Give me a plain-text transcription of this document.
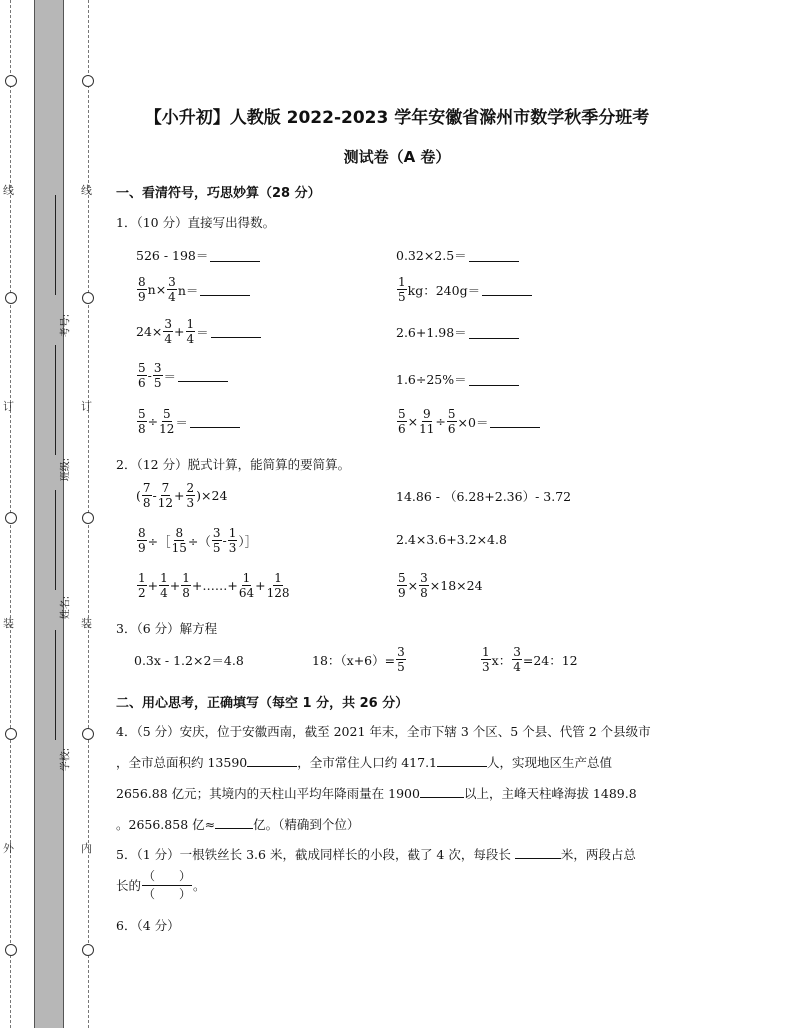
线
订
装
外
考号:
班级:
姓名:
学校:
线
订
装
内
【小升初】人教版 2022-2023 学年安徽省滁州市数学秋季分班考
测试卷（A 卷）
一、看清符号，巧思妙算（28 分）
1．（10 分）直接写出得数。
526 - 198＝	0.32×2.5＝
$\frac{8}{9} n\times \frac{3}{4} n=$	$\frac{1}{5}$ kg：240g＝
$24\times \frac{3}{4} + \frac{1}{4}$ ＝	2.6+1.98＝
$\frac{5}{6} - \frac{3}{5}$ ＝	1.6÷25%＝
$\frac{5}{8} \div \frac{5}{12}$ ＝	$\frac{5}{6} \times \frac{9}{11} \div \frac{5}{6} \times 0=$
2．（12 分）脱式计算，能简算的要简算。
( $\frac{7}{8} - \frac{7}{12} + \frac{2}{3} )\times 24$	14.86 - （6.28+2.36）- 3.72
$\frac{8}{9}$ ÷［ $\frac{8}{15}$ ÷（ $\frac{3}{5} - \frac{1}{3}$ ）］	2.4×3.6+3.2×4.8
$\frac{1}{2} + \frac{1}{4} + \frac{1}{8}$ +……+ $\frac{1}{64} + \frac{1}{128}$	$\frac{5}{9} \times \frac{3}{8} \times 18\times 24$
3．（6 分）解方程
0.3x - 1.2×2＝4.8	18：$(x+6)= \frac{3}{5}$	$\frac{1}{3}$ x： $\frac{3}{4} =24$：12
二、用心思考，正确填写（每空 1 分，共 26 分）
4．（5 分）安庆，位于安徽西南，截至 2021 年末，全市下辖 3 个区、5 个县、代管 2 个县级市
，全市总面积约 13590	，全市常住人口约 417.1	人，实现地区生产总值
2656.88 亿元；其境内的天柱山平均年降雨量在 1900	以上，主峰天柱峰海拔 1489.8
。2656.858 亿≈	亿。（精确到个位）
5．（1 分）一根铁丝长 3.6 米，截成同样长的小段，截了 4 次，每段长	米，两段占总
长的 $\frac{( )}{( )}$ 。
6．（4 分）
